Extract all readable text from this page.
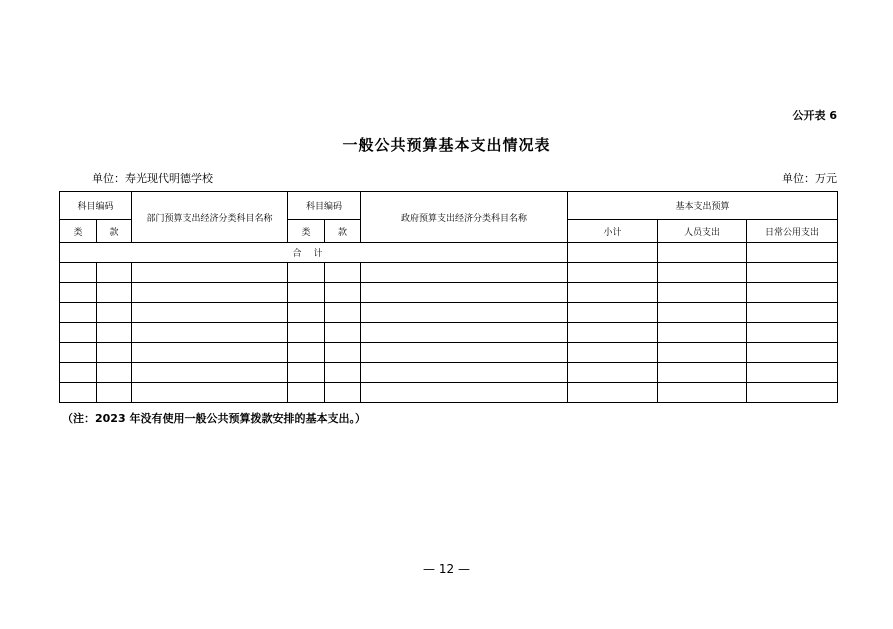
公开表 6
一般公共预算基本支出情况表
单位：寿光现代明德学校	单位：万元
科目编码		部门预算支出经济分类科目名称	科目编码		政府预算支出经济分类科目名称	基本支出预算		
类	款		类	款		小计	人员支出	日常公用支出
合计								

（注：2023 年没有使用一般公共预算拨款安排的基本支出。）
— 12 —
